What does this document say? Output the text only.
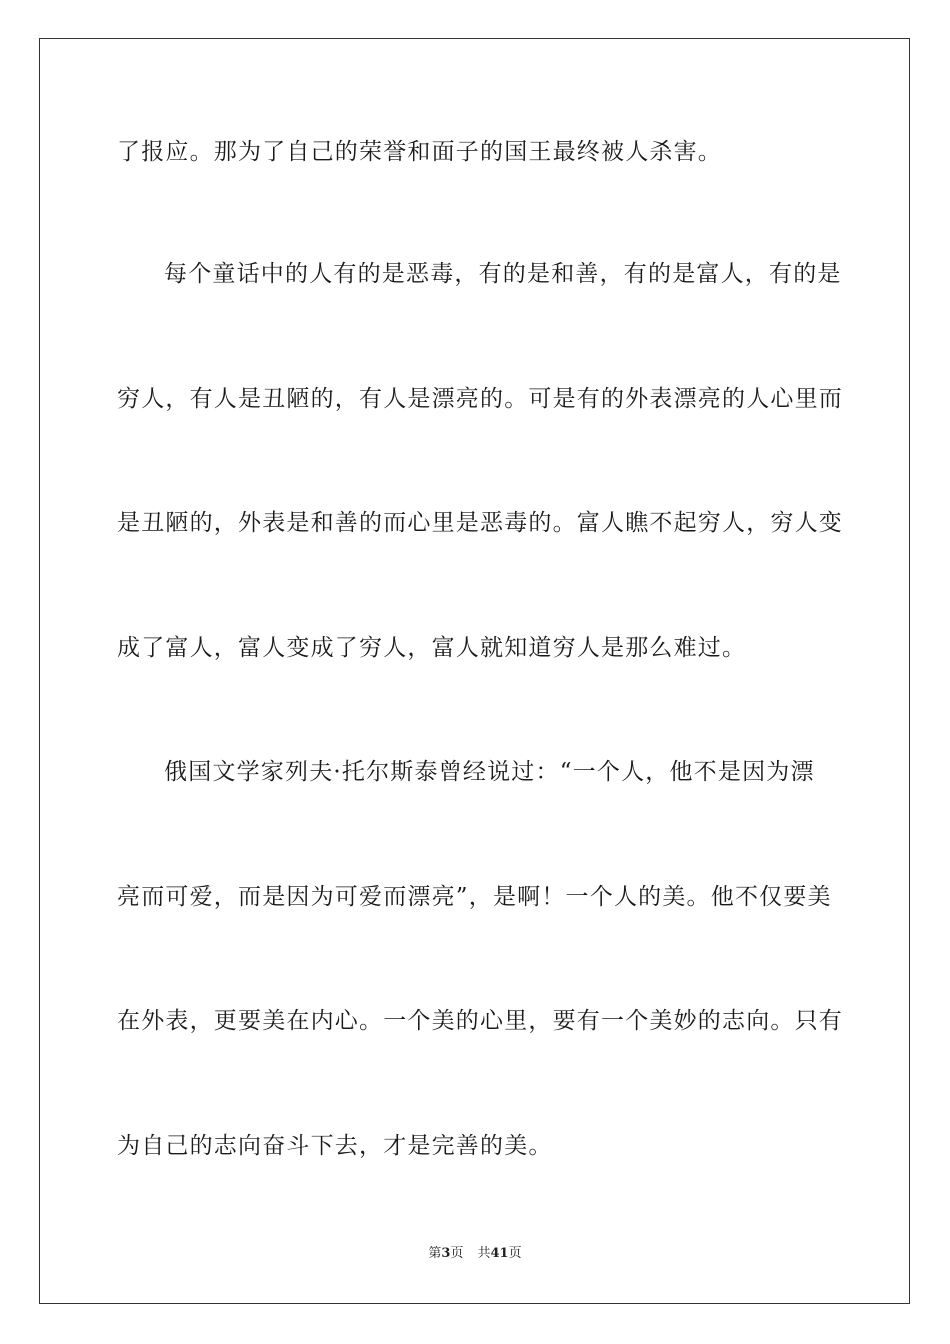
了报应。那为了自己的荣誉和面子的国王最终被人杀害。
每个童话中的人有的是恶毒，有的是和善，有的是富人，有的是
穷人，有人是丑陋的，有人是漂亮的。可是有的外表漂亮的人心里而
是丑陋的，外表是和善的而心里是恶毒的。富人瞧不起穷人，穷人变
成了富人，富人变成了穷人，富人就知道穷人是那么难过。
俄国文学家列夫·托尔斯泰曾经说过：“一个人，他不是因为漂
亮而可爱，而是因为可爱而漂亮”，是啊！一个人的美。他不仅要美
在外表，更要美在内心。一个美的心里，要有一个美妙的志向。只有
为自己的志向奋斗下去，才是完善的美。
第3页 共41页
